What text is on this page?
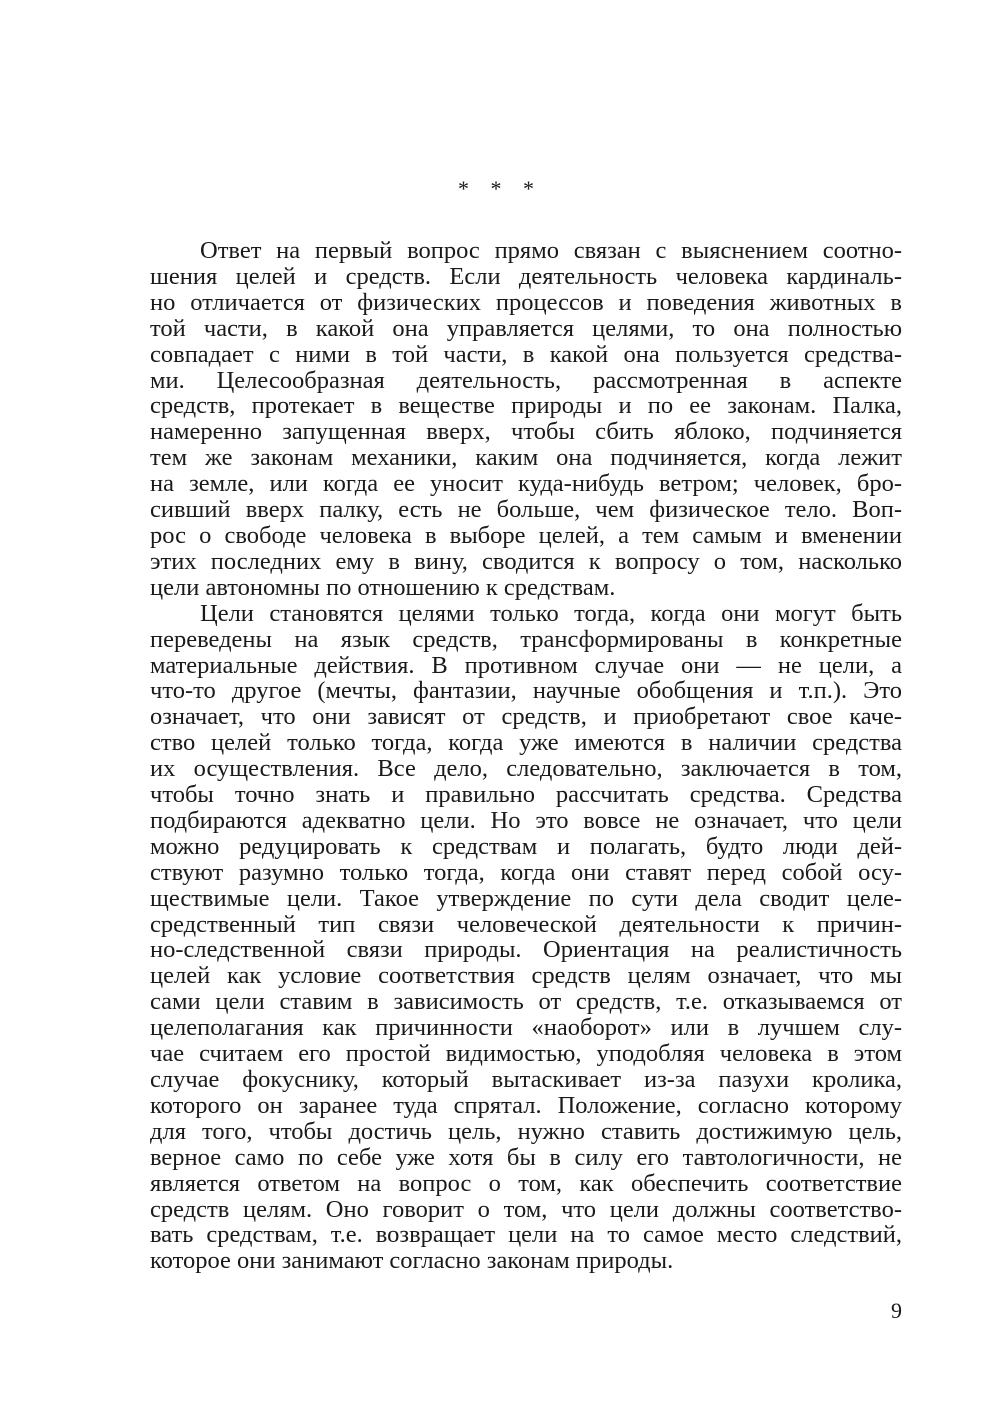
* * *
Ответ на первый вопрос прямо связан с выяснением соотно-
шения целей и средств. Если деятельность человека кардиналь-
но отличается от физических процессов и поведения животных в
той части, в какой она управляется целями, то она полностью
совпадает с ними в той части, в какой она пользуется средства-
ми. Целесообразная деятельность, рассмотренная в аспекте
средств, протекает в веществе природы и по ее законам. Палка,
намеренно запущенная вверх, чтобы сбить яблоко, подчиняется
тем же законам механики, каким она подчиняется, когда лежит
на земле, или когда ее уносит куда-нибудь ветром; человек, бро-
сивший вверх палку, есть не больше, чем физическое тело. Воп-
рос о свободе человека в выборе целей, а тем самым и вменении
этих последних ему в вину, сводится к вопросу о том, насколько
цели автономны по отношению к средствам.
Цели становятся целями только тогда, когда они могут быть
переведены на язык средств, трансформированы в конкретные
материальные действия. В противном случае они — не цели, а
что-то другое (мечты, фантазии, научные обобщения и т.п.). Это
означает, что они зависят от средств, и приобретают свое каче-
ство целей только тогда, когда уже имеются в наличии средства
их осуществления. Все дело, следовательно, заключается в том,
чтобы точно знать и правильно рассчитать средства. Средства
подбираются адекватно цели. Но это вовсе не означает, что цели
можно редуцировать к средствам и полагать, будто люди дей-
ствуют разумно только тогда, когда они ставят перед собой осу-
ществимые цели. Такое утверждение по сути дела сводит целе-
средственный тип связи человеческой деятельности к причин-
но-следственной связи природы. Ориентация на реалистичность
целей как условие соответствия средств целям означает, что мы
сами цели ставим в зависимость от средств, т.е. отказываемся от
целеполагания как причинности «наоборот» или в лучшем слу-
чае считаем его простой видимостью, уподобляя человека в этом
случае фокуснику, который вытаскивает из-за пазухи кролика,
которого он заранее туда спрятал. Положение, согласно которому
для того, чтобы достичь цель, нужно ставить достижимую цель,
верное само по себе уже хотя бы в силу его тавтологичности, не
является ответом на вопрос о том, как обеспечить соответствие
средств целям. Оно говорит о том, что цели должны соответство-
вать средствам, т.е. возвращает цели на то самое место следствий,
которое они занимают согласно законам природы.
9
